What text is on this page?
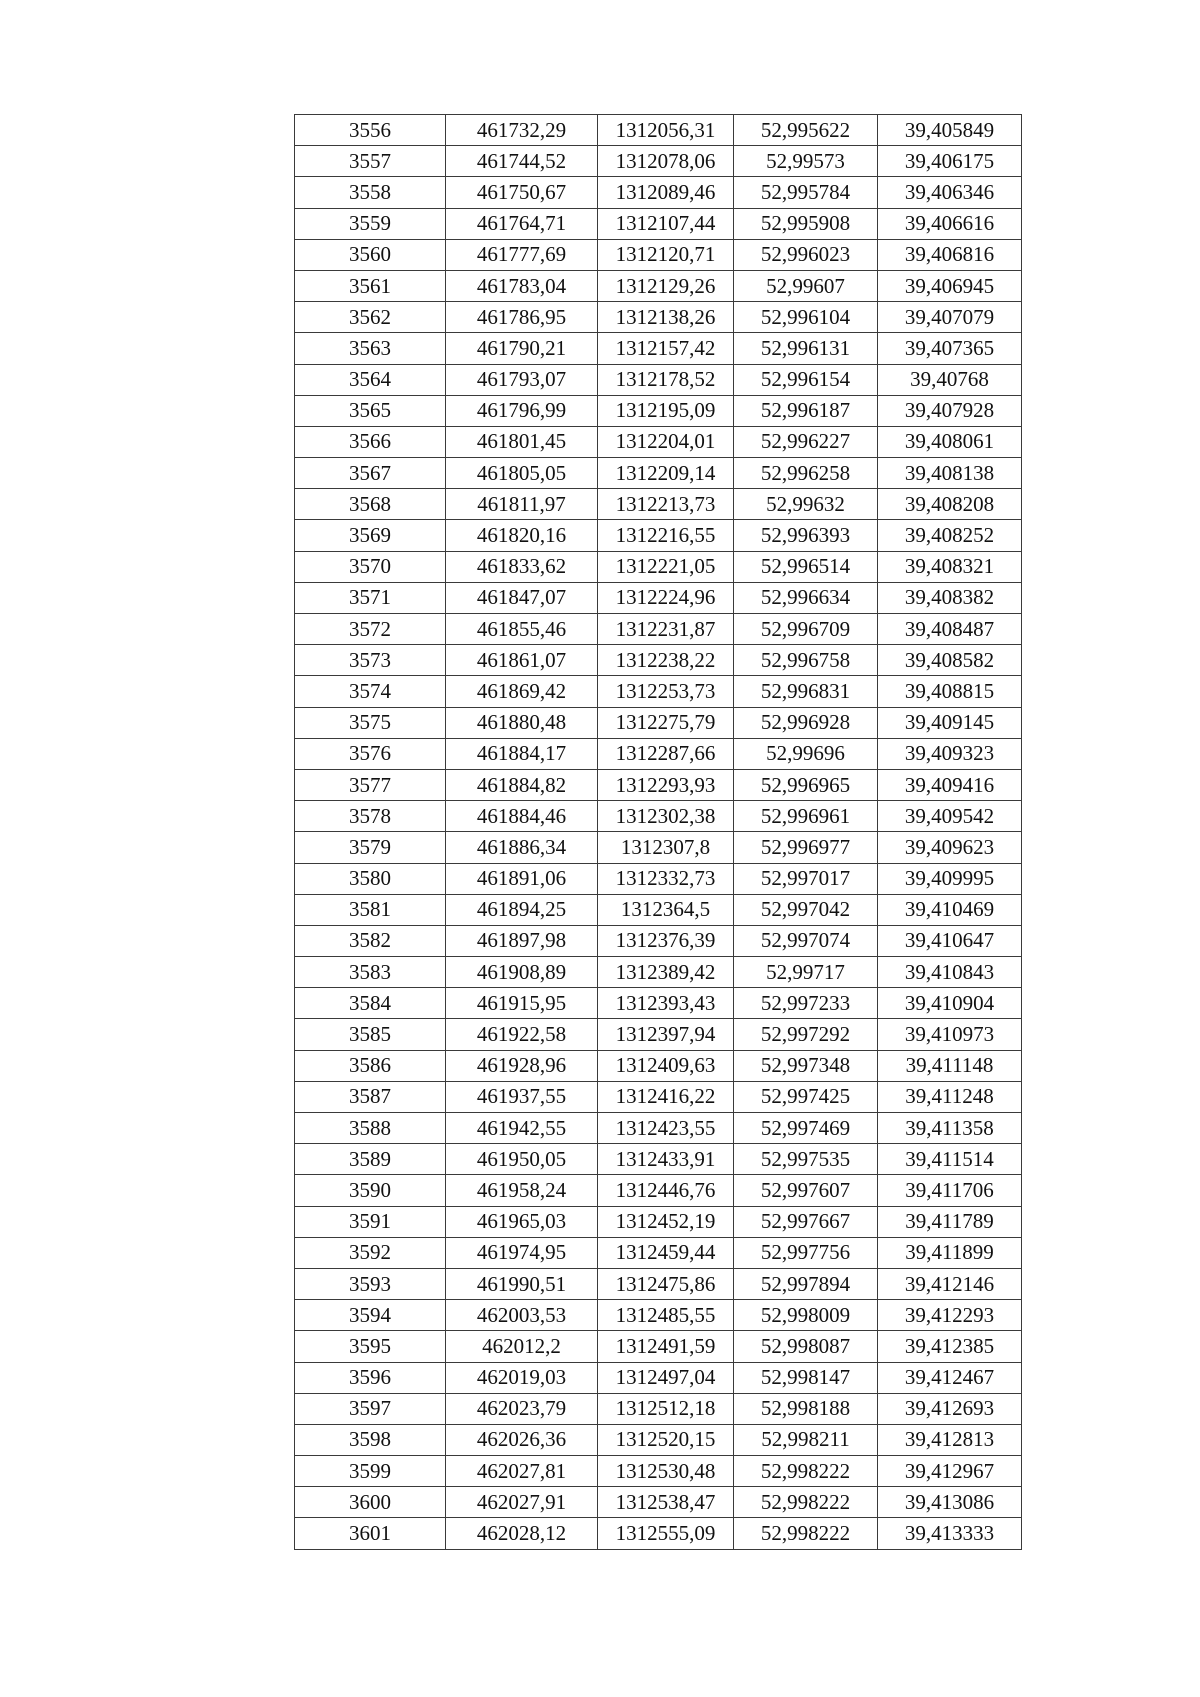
3556	461732,29	1312056,31	52,995622	39,405849
3557	461744,52	1312078,06	52,99573	39,406175
3558	461750,67	1312089,46	52,995784	39,406346
3559	461764,71	1312107,44	52,995908	39,406616
3560	461777,69	1312120,71	52,996023	39,406816
3561	461783,04	1312129,26	52,99607	39,406945
3562	461786,95	1312138,26	52,996104	39,407079
3563	461790,21	1312157,42	52,996131	39,407365
3564	461793,07	1312178,52	52,996154	39,40768
3565	461796,99	1312195,09	52,996187	39,407928
3566	461801,45	1312204,01	52,996227	39,408061
3567	461805,05	1312209,14	52,996258	39,408138
3568	461811,97	1312213,73	52,99632	39,408208
3569	461820,16	1312216,55	52,996393	39,408252
3570	461833,62	1312221,05	52,996514	39,408321
3571	461847,07	1312224,96	52,996634	39,408382
3572	461855,46	1312231,87	52,996709	39,408487
3573	461861,07	1312238,22	52,996758	39,408582
3574	461869,42	1312253,73	52,996831	39,408815
3575	461880,48	1312275,79	52,996928	39,409145
3576	461884,17	1312287,66	52,99696	39,409323
3577	461884,82	1312293,93	52,996965	39,409416
3578	461884,46	1312302,38	52,996961	39,409542
3579	461886,34	1312307,8	52,996977	39,409623
3580	461891,06	1312332,73	52,997017	39,409995
3581	461894,25	1312364,5	52,997042	39,410469
3582	461897,98	1312376,39	52,997074	39,410647
3583	461908,89	1312389,42	52,99717	39,410843
3584	461915,95	1312393,43	52,997233	39,410904
3585	461922,58	1312397,94	52,997292	39,410973
3586	461928,96	1312409,63	52,997348	39,411148
3587	461937,55	1312416,22	52,997425	39,411248
3588	461942,55	1312423,55	52,997469	39,411358
3589	461950,05	1312433,91	52,997535	39,411514
3590	461958,24	1312446,76	52,997607	39,411706
3591	461965,03	1312452,19	52,997667	39,411789
3592	461974,95	1312459,44	52,997756	39,411899
3593	461990,51	1312475,86	52,997894	39,412146
3594	462003,53	1312485,55	52,998009	39,412293
3595	462012,2	1312491,59	52,998087	39,412385
3596	462019,03	1312497,04	52,998147	39,412467
3597	462023,79	1312512,18	52,998188	39,412693
3598	462026,36	1312520,15	52,998211	39,412813
3599	462027,81	1312530,48	52,998222	39,412967
3600	462027,91	1312538,47	52,998222	39,413086
3601	462028,12	1312555,09	52,998222	39,413333
